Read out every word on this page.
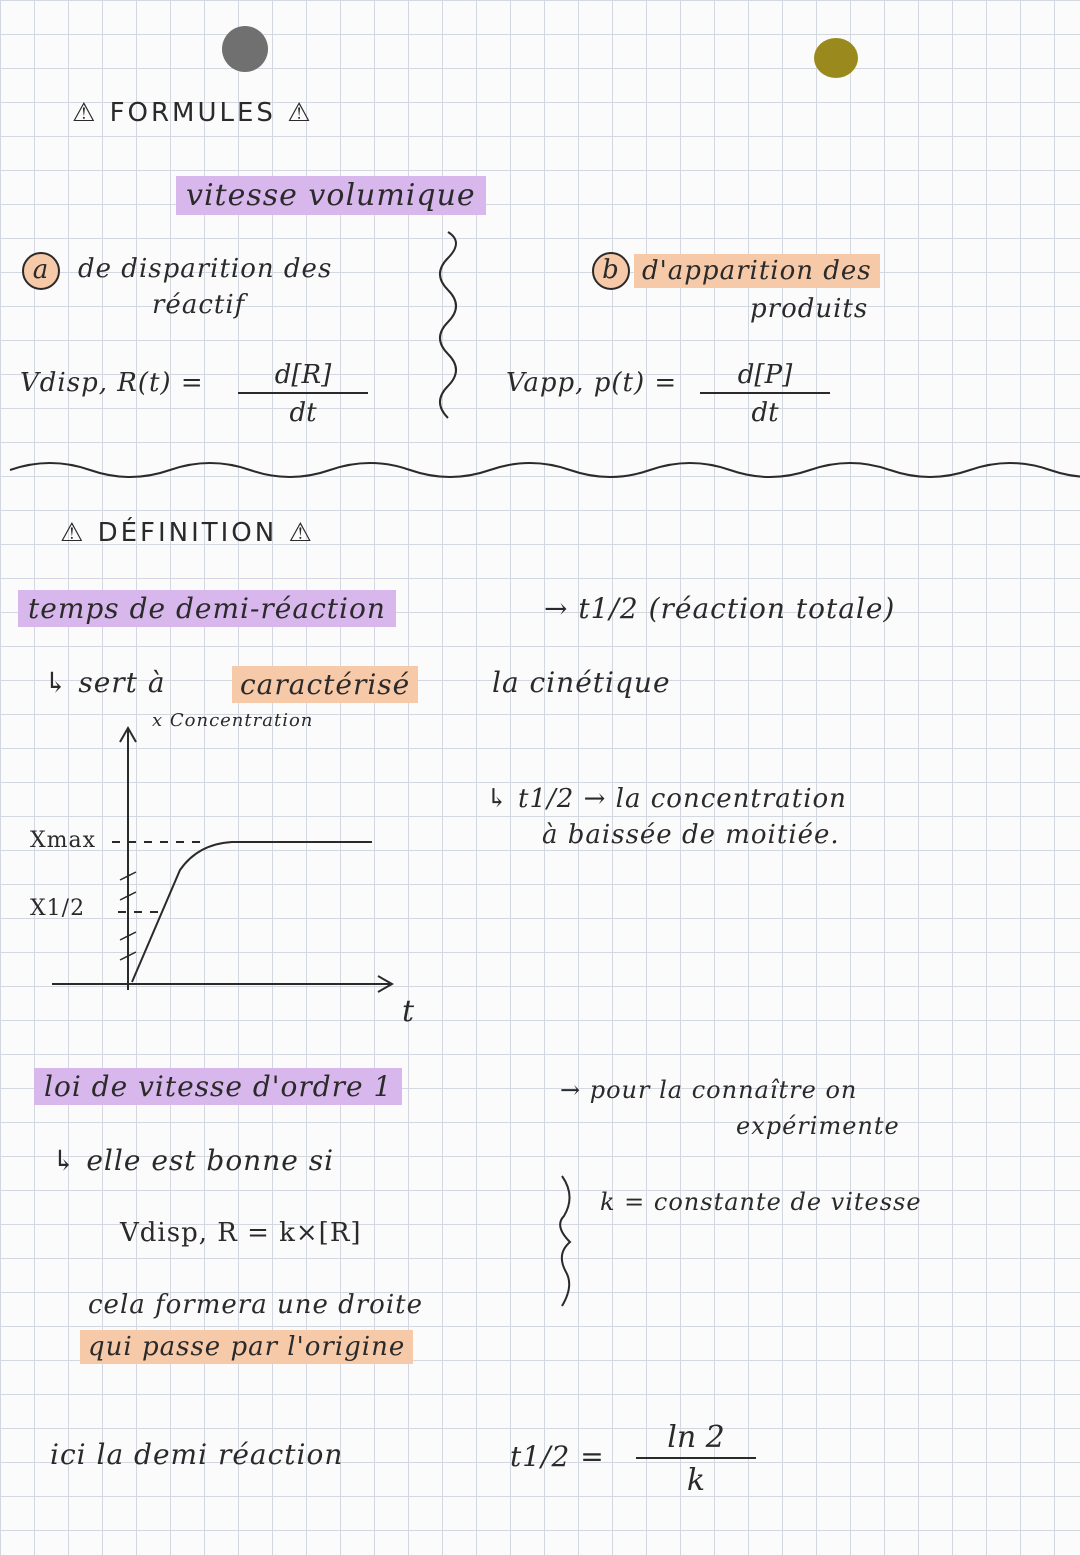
⚠ FORMULES ⚠
vitesse volumique
a	de disparition des
réactif
Vdisp, $R(t) = \frac{d[R]}{dt}$
b d'apparition des
produits
Vapp, $p(t) = \frac{d[P]}{dt}$
⚠ DÉFINITION ⚠
temps de demi-réaction	→ t1/2 (réaction totale)
↳ sert à	caractérisé	la cinétique
x Concentration
Xmax
X1/2
t
↳ t1/2 → la concentration
à baissée de moitiée.
loi de vitesse d'ordre 1	→ pour la connaître on
expérimente
↳ elle est bonne si
k = constante de vitesse
Vdisp, R = k×[R]
cela formera une droite
qui passe par l'origine
ici la demi réaction	$t1/2 = \frac{\ln 2}{k}$
